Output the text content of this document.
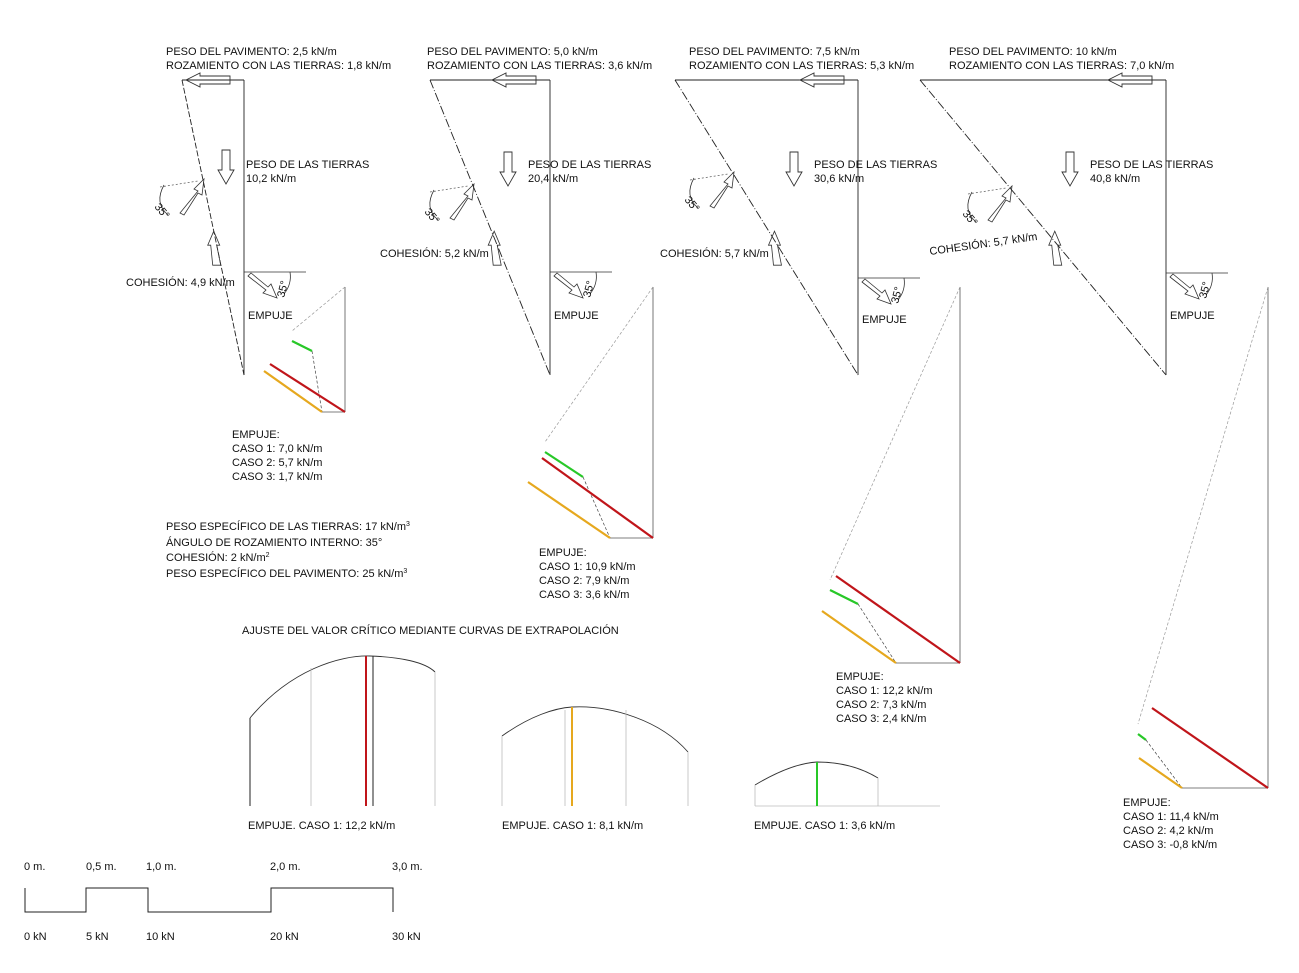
PESO DEL PAVIMENTO: 2,5 kN/m
ROZAMIENTO CON LAS TIERRAS: 1,8 kN/m
PESO DE LAS TIERRAS
10,2 kN/m
35°
COHESIÓN: 4,9 kN/m	35°
EMPUJE
EMPUJE:
CASO 1: 7,0 kN/m
CASO 2: 5,7 kN/m
CASO 3: 1,7 kN/m
PESO DEL PAVIMENTO: 5,0 kN/m
ROZAMIENTO CON LAS TIERRAS: 3,6 kN/m
PESO DE LAS TIERRAS
20,4 kN/m
35°
COHESIÓN: 5,2 kN/m
35°
EMPUJE
EMPUJE:
CASO 1: 10,9 kN/m
CASO 2: 7,9 kN/m
CASO 3: 3,6 kN/m
PESO DEL PAVIMENTO: 7,5 kN/m
ROZAMIENTO CON LAS TIERRAS: 5,3 kN/m
PESO DE LAS TIERRAS
30,6 kN/m
35°
COHESIÓN: 5,7 kN/m
35°
EMPUJE
EMPUJE:
CASO 1: 12,2 kN/m
CASO 2: 7,3 kN/m
CASO 3: 2,4 kN/m
PESO DEL PAVIMENTO: 10 kN/m
ROZAMIENTO CON LAS TIERRAS: 7,0 kN/m
PESO DE LAS TIERRAS
40,8 kN/m
35°
COHESIÓN: 5,7 kN/m
35°
EMPUJE
EMPUJE:
CASO 1: 11,4 kN/m
CASO 2: 4,2 kN/m
CASO 3: -0,8 kN/m
PESO ESPECÍFICO DE LAS TIERRAS: 17 $kN/m^3$
ÁNGULO DE ROZAMIENTO INTERNO: 35°
COHESIÓN: 2 $kN/m^2$
PESO ESPECÍFICO DEL PAVIMENTO: 25 $kN/m^3$
AJUSTE DEL VALOR CRÍTICO MEDIANTE CURVAS DE EXTRAPOLACIÓN
EMPUJE. CASO 1: 12,2 kN/m	EMPUJE. CASO 1: 8,1 kN/m	EMPUJE. CASO 1: 3,6 kN/m
0 m.	0,5 m.	1,0 m.	2,0 m.	3,0 m.
0 kN	5 kN	10 kN	20 kN	30 kN
